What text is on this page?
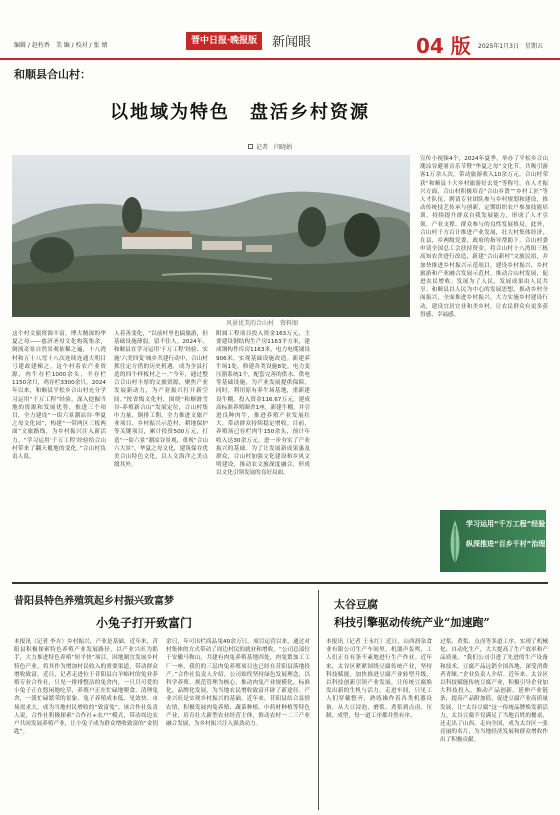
编辑 / 赵朽香　美 编 / 校对 / 张 婧	晋中日报·晚报版	新闻眼	04 版 2025年1月3日　星期五
和顺县合山村：
以地域为特色　盘活乡村资源
记者　闫晓娟
风景优美的合山村　资料图

这个村文旅资源丰富，博大精深的华夏之母——慈济圣母文化构筑集余，倒流奇景自然景观依稀之遍，十八湾村和五十八弯十八次连续连通大明目弓建政建梯之。这个村着农产业资源，肉牛存栏1000余头，羊存栏1150余只，鸡存栏3300余只。2024年以来，和顺县平松乡合山村充分学习运用“千万工程”经验，深入挖掘当地的资源和发展优势，推进三个项目，全力建设“一街六景潮凉谷·华夏之母文化园”，构建“一带两区三板两面”文旅路线，为乡村振兴注入新活力。“学习运用‘千万工程’经验给合山村带来了翻天覆地的变化。”合山村负责人说。

人着善变化，“以前村里也搞旅游，但基础设施薄弱，留不住人。2024年，和顺县在学习运用‘千万工程’经验、实施‘六美四变’城乡共建行动中，合山村抓住定方借的历史机遇，成为全县打造的四个样板村之一。”今年，通过整合合山村丰厚的文旅资源，聚焦产业发展新动力，为产业振兴打开新空间。”按省级文化村，围绕“和顺滑雪谷-养殖新合山”发展定位，合山村集中力量、倒排工期，全力推进文旅产业项目、乡村振兴示范村、耕地保护等关键项目，累计投资500万元，打造“一街六景”潮凉谷景观，重现“合山六大景”，华夏之母文化，建筑保存优美合山特色文化，以人文海洋之美点缀其外。

附属工程项目投入资金163万元，主要建设钢结构生产房1163平方米，建成钢构件库房1163米，电力电缆铺设906米，实现基础设施改造。新建养牛场1处，修建各类设施8处，电力变压器系统1个，配套完善的供水、供电等基础设施，为产业发展提供保障。同时，利用原有养牛场基地，重新建设牛棚，投入资金116.67万元，建成高标准养殖圈舍1座，新建牛棚，并引进良种肉牛，推进养殖产业发展壮大，带动群众持续稳定增收。目前，养殖场已存栏肉牛150余头，预计年收入达30余万元，进一步夯实了产业振兴的基础。为了让发展新成果惠及群众，合山村加强文化建设和乡风文明建设，推动农文旅深度融合，形成以文化引领发展的良好局面。

宣传小视频4个，2024年夏季，举办了平松乡合山潮凉谷避暑音乐节暨“华夏之母”文化节，共吸引游客1万余人次，带动旅游收入10余万元。合山村荣获“和顺县十大乡村旅游好去处”等称号。在人才振兴方面，合山村积极培育“合山乡贤”“乡村工匠”等人才队伍，聘请专业团队参与乡村规划和建设，推动传统技艺传承与创新，定期组织农户参加技能培训，持续提升群众自我发展能力，形成了人才引领、产业支撑、群众参与的良性发展格局。此外，合山村千方百计推进产业发展，壮大村集体经济，在县、乡两级党委、政府的指导帮助下，合山村委申请全国总工会扶持资金，将合山村十八湾组三栋高知农舍进行改造，新建“合山新村”文旅民宿，并加快推进乡村振兴示范项目，建设乡村振兴、乡村旅游和产业融合发展示范村，推动合山村发展，促进农民增收。发展为了人民，发展成果由人民共享。和顺县以人民为中心的发展思想，推动乡村全面振兴，全面推进乡村振兴，大力实施乡村建设行动，建设宜居宜业和美乡村，让农民群众有更多获得感、幸福感。

学习运用“千万工程”经验
纵深推进“百乡千村”治理
昔阳县特色养殖筑起乡村振兴致富梦
小兔子打开致富门

本报讯（记者 李卉）乡村振兴，产业是基础。近年来，昔阳县积极探索特色养殖产业发展路径，以产业兴旺为抓手，大力推进特色养殖“短平快”项目，因地制宜发展乡村特色产业，将其作为增加村民收入的重要渠道，带动群众增收致富。近日，记者走进位于昔阳县白羊峪村的兔业养殖专业合作社，只见一排排整洁的兔舍内，一只只可爱的小兔子正在悠闲地吃草，养殖户正在忙碌地喂食、清理兔舍，一派忙碌繁荣的景象。兔子养殖成本低、见效快、市场需求大，成为当地村民增收的“致富兔”。该合作社负责人说，合作社积极探索“合作社+农户”模式，带动周边农户共同发展养殖产业，让小兔子成为群众增收致富的“金钥匙”。

余只，年可出栏商品兔40余万只。项目运营以来，通过对村集体的方式带动了周边村民的就业和增收。“公司总部位于安徽马鞍山，共建有肉兔养殖基地四处，肉兔繁加工工厂一座，我们的三层肉兔养殖项目也已经在昔阳县落地投产。”合作社负责人介绍，公司始终坚持绿色发展理念，以科学养殖、规范管理为核心，推动肉兔产业规模化、标准化、品牌化发展，为当地农民增收致富开辟了新途径。产业兴旺是实现乡村振兴的基础。近年来，昔阳县结合县情农情，积极发展肉兔养殖、蔬菜种植、中药材种植等特色产业，培育壮大新型农业经营主体，推动农村一二三产业融合发展，为乡村振兴注入强劲动力。

太谷豆腐
科技引擎驱动传统产业“加速跑”

本报讯（记者 王永红）近日，山西润泉食业有限公司生产车间里，机器声轰鸣，工人们正在有条不紊地进行生产作业。近年来，太谷区紧紧围绕豆腐传统产业，坚持科技赋能，加快推进豆腐产业转型升级，以科技创新引领产业发展，让传统豆腐焕发出新的生机与活力。走进车间，只见工人们穿戴整齐，熟练操作着各类机器设备，从大豆浸泡、磨浆、煮浆到点卤、压制、成型，每一道工序都井然有序。

过浆、煮浆、点卤等多道工序，实现了机械化、自动化生产，大大提高了生产效率和产品质量。“我们公司引进了先进的生产设备和技术，豆腐产品远销全国各地，深受消费者青睐。”企业负责人介绍。近年来，太谷区以科技赋能传统豆腐产业，积极引导企业加大科技投入，推动产品创新，延伸产业链条，提高产品附加值，促进豆腐产业高质量发展，让“太谷豆腐”这一传统品牌焕发新活力。太谷豆腐不仅满足了当地百姓的餐桌，还走出了山西，走向全国，成为太谷区一张亮丽的名片，为当地经济发展和群众增收作出了积极贡献。
